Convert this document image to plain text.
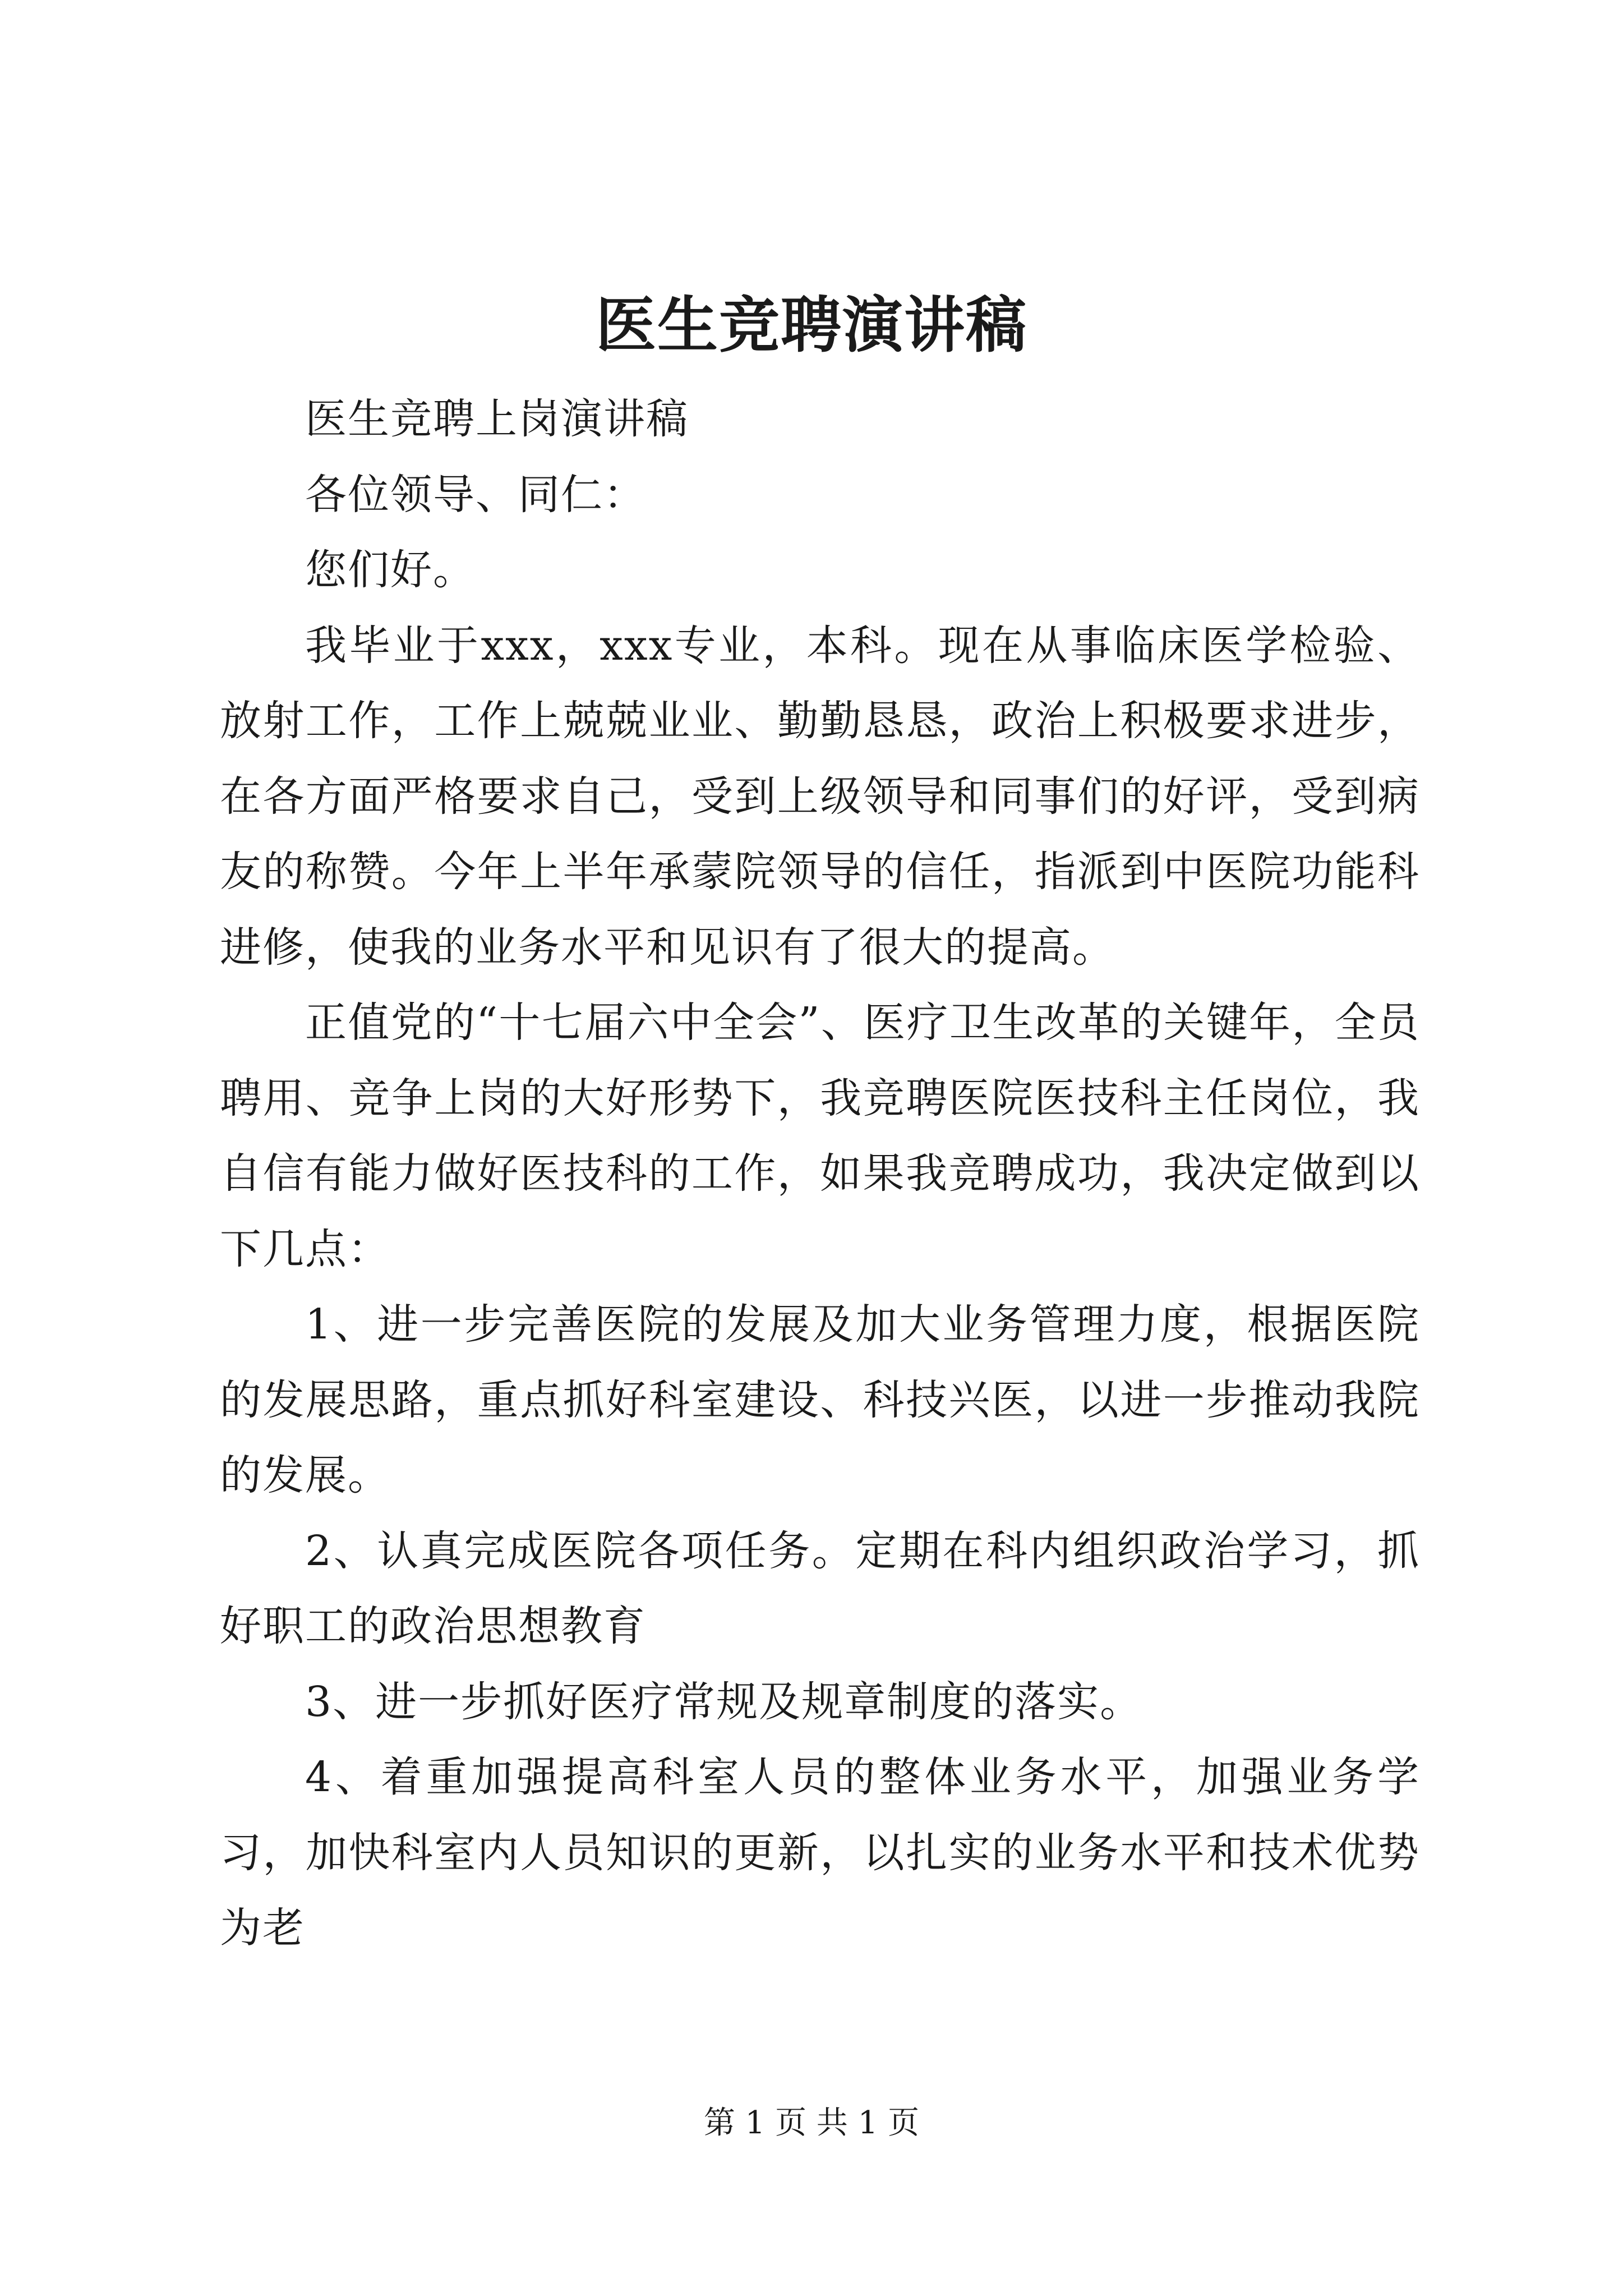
医生竞聘演讲稿

医生竞聘上岗演讲稿

各位领导、同仁：

您们好。

我毕业于xxx，xxx专业，本科。现在从事临床医学检验、放射工作，工作上兢兢业业、勤勤恳恳，政治上积极要求进步，在各方面严格要求自己，受到上级领导和同事们的好评，受到病友的称赞。今年上半年承蒙院领导的信任，指派到中医院功能科进修，使我的业务水平和见识有了很大的提高。

正值党的“十七届六中全会”、医疗卫生改革的关键年，全员聘用、竞争上岗的大好形势下，我竞聘医院医技科主任岗位，我自信有能力做好医技科的工作，如果我竞聘成功，我决定做到以下几点：

1、进一步完善医院的发展及加大业务管理力度，根据医院的发展思路，重点抓好科室建设、科技兴医，以进一步推动我院的发展。

2、认真完成医院各项任务。定期在科内组织政治学习，抓好职工的政治思想教育

3、进一步抓好医疗常规及规章制度的落实。

4、着重加强提高科室人员的整体业务水平，加强业务学习，加快科室内人员知识的更新，以扎实的业务水平和技术优势为老

第 1 页 共 1 页
